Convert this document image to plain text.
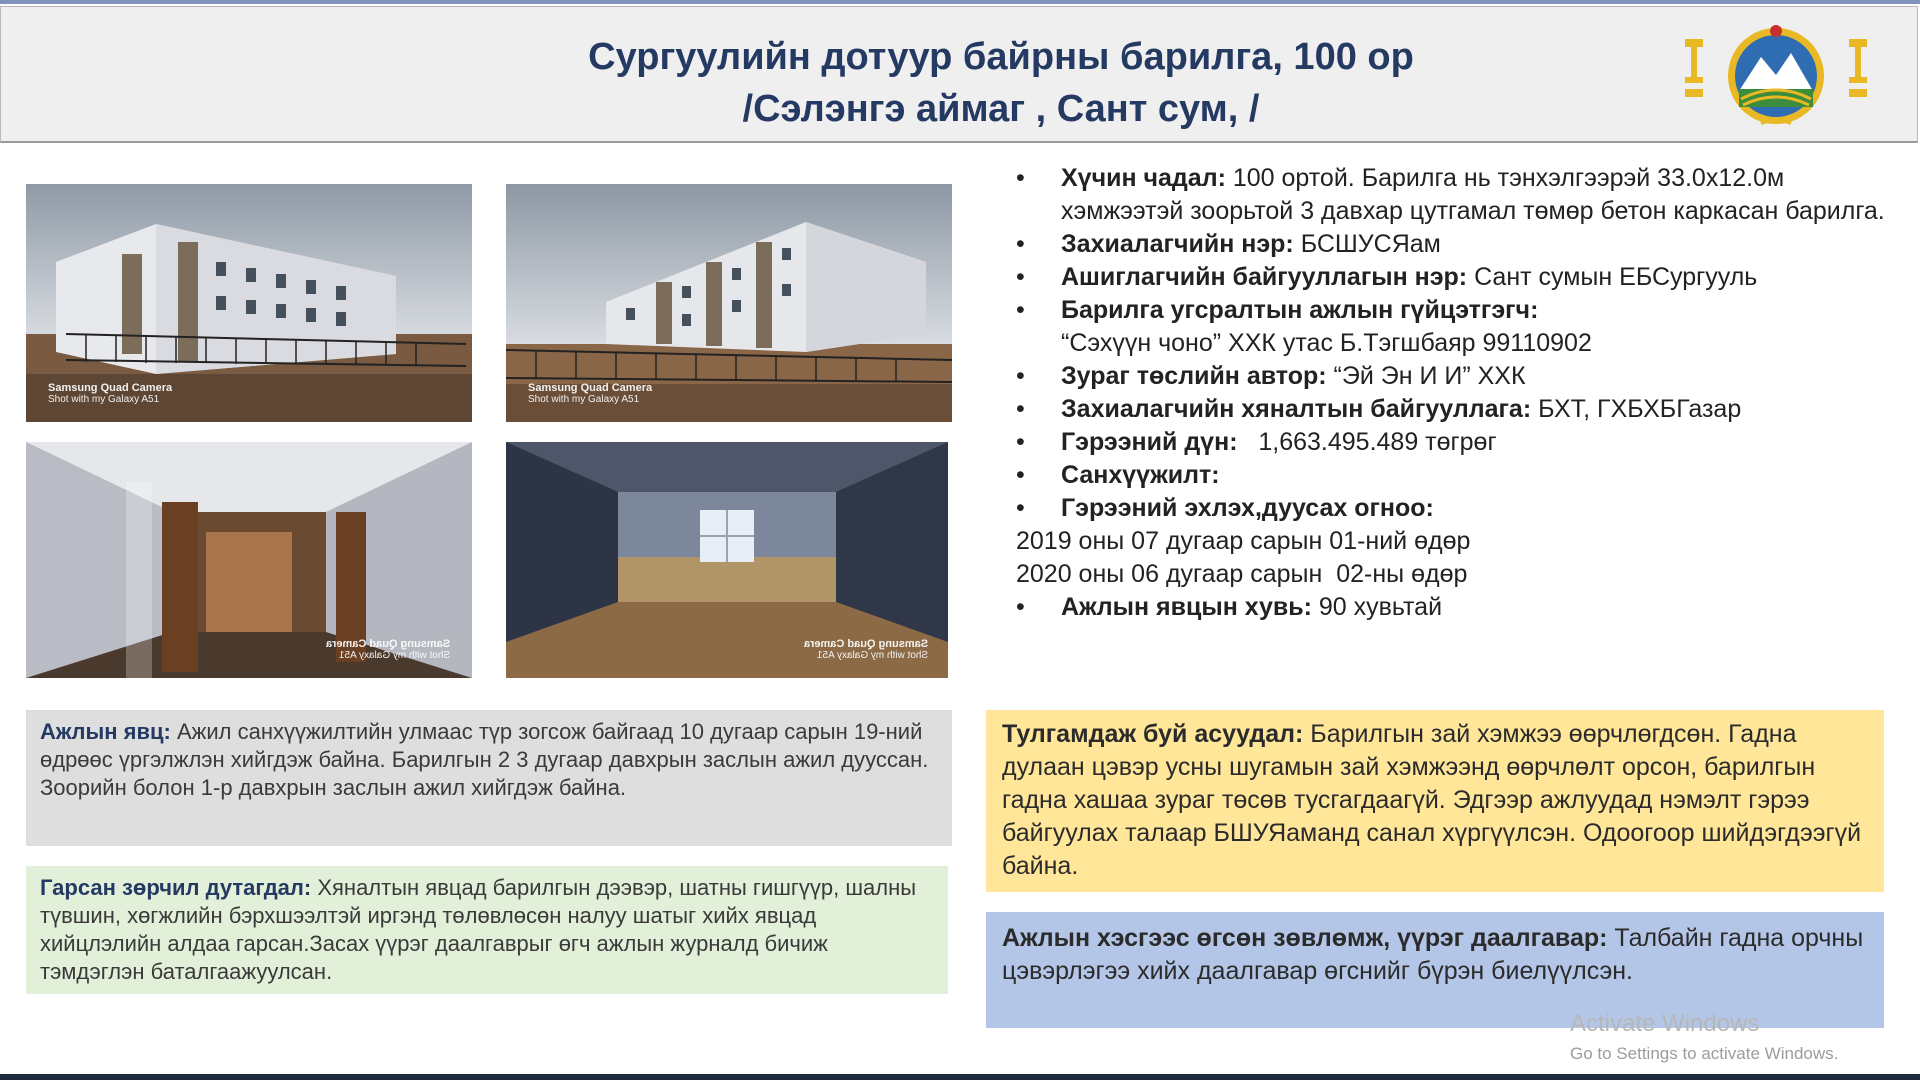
Сургуулийн дотуур байрны барилга, 100 ор
/Сэлэнгэ аймаг , Сант сум, /
Samsung Quad Camera
Shot with my Galaxy A51
Samsung Quad Camera
Shot with my Galaxy A51
Samsung Quad Camera
Shot with my Galaxy A51
Samsung Quad Camera
Shot with my Galaxy A51
• Хүчин чадал: 100 ортой. Барилга нь тэнхэлгээрэй 33.0х12.0м хэмжээтэй зоорьтой 3 давхар цутгамал төмөр бетон каркасан барилга.
• Захиалагчийн нэр: БСШУСЯам
• Ашиглагчийн байгууллагын нэр: Сант сумын ЕБСургууль
• Барилга угсралтын ажлын гүйцэтгэгч:
“Сэхүүн чоно” ХХК утас Б.Тэгшбаяр 99110902
• Зураг төслийн автор: “Эй Эн И И” ХХК
• Захиалагчийн хяналтын байгууллага: БХТ, ГХБХБГазар
• Гэрээний дүн:   1,663.495.489 төгрөг
• Санхүүжилт:
• Гэрээний эхлэх,дуусах огноо:
2019 оны 07 дугаар сарын 01-ний өдөр
2020 оны 06 дугаар сарын  02-ны өдөр
• Ажлын явцын хувь: 90 хувьтай
Ажлын явц: Ажил санхүүжилтийн улмаас түр зогсож байгаад 10 дугаар сарын 19-ний өдрөөс үргэлжлэн хийгдэж байна. Барилгын 2 3 дугаар давхрын заслын ажил дууссан. Зоорийн болон 1-р давхрын заслын ажил хийгдэж байна.
Гарсан зөрчил дутагдал: Хяналтын явцад барилгын дээвэр, шатны гишгүүр, шалны түвшин, хөгжлийн бэрхшээлтэй иргэнд төлөвлөсөн налуу шатыг хийх явцад хийцлэлийн алдаа гарсан.Засах үүрэг даалгаврыг өгч ажлын журналд бичиж тэмдэглэн баталгаажуулсан.
Тулгамдаж буй асуудал: Барилгын зай хэмжээ өөрчлөгдсөн. Гадна дулаан цэвэр усны шугамын зай хэмжээнд өөрчлөлт орсон, барилгын гадна хашаа зураг төсөв тусгагдаагүй. Эдгээр ажлуудад нэмэлт гэрээ байгуулах талаар БШУЯамaнд санал хүргүүлсэн. Одоогоор шийдэгдээгүй байна.
Ажлын хэсгээс өгсөн зөвлөмж, үүрэг даалгавар: Талбайн гадна орчны цэвэрлэгээ хийх даалгавар өгснийг бүрэн биелүүлсэн.
Activate Windows
Go to Settings to activate Windows.
